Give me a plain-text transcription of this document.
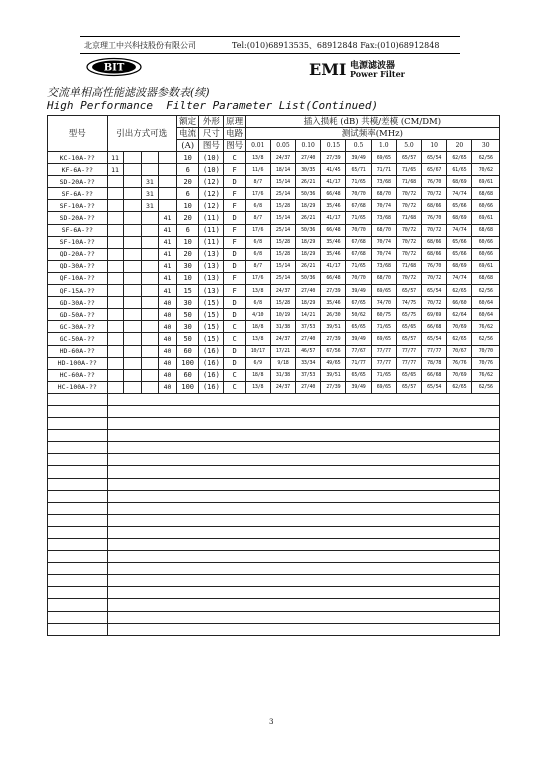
北京理工中兴科技股份有限公司	Tel:(010)68913535、68912848 Fax:(010)68912848
BIT	EMI 电源滤波器
Power Filter
交流单相高性能滤波器参数表(续)
High Performance  Filter Parameter List(Continued)
型号	引出方式可选				额定	外形	原理	插入损耗 (dB) 共模/差模 (CM/DM)									
					电流	尺寸	电路	测试频率(MHz)									
					(A)	图号	图号	0.01	0.05	0.10	0.15	0.5	1.0	5.0	10	20	30
KC-10A-??	11				10	(10)	C	13/8	24/37	27/40	27/39	39/49	69/65	65/57	65/54	62/65	62/56
KF-6A-??	11				6	(10)	F	11/6	18/14	30/35	41/45	65/71	71/71	71/65	65/67	61/65	70/62
SD-20A-??			31		20	(12)	D	8/7	15/14	26/21	41/17	71/65	73/68	71/68	76/70	68/69	69/61
SF-6A-??			31		6	(12)	F	17/6	25/14	50/36	66/48	70/70	68/70	70/72	70/72	74/74	68/68
SF-10A-??			31		10	(12)	F	6/8	15/28	18/29	35/46	67/68	70/74	70/72	68/66	65/66	60/66
SD-20A-??				41	20	(11)	D	8/7	15/14	26/21	41/17	71/65	73/68	71/68	76/70	68/69	69/61
SF-6A-??				41	6	(11)	F	17/6	25/14	50/36	66/48	70/70	68/70	70/72	70/72	74/74	68/68
SF-10A-??				41	10	(11)	F	6/8	15/28	18/29	35/46	67/68	70/74	70/72	68/66	65/66	60/66
QD-20A-??				41	20	(13)	D	6/8	15/28	18/29	35/46	67/68	70/74	70/72	68/66	65/66	60/66
QD-30A-??				41	30	(13)	D	8/7	15/14	26/21	41/17	71/65	73/68	71/68	76/70	68/69	69/61
QF-10A-??				41	10	(13)	F	17/6	25/14	50/36	66/48	70/70	68/70	70/72	70/72	74/74	68/68
QF-15A-??				41	15	(13)	F	13/8	24/37	27/40	27/39	39/49	69/65	65/57	65/54	62/65	62/56
GD-30A-??				40	30	(15)	D	6/8	15/28	18/29	35/46	67/65	74/70	74/75	70/72	66/60	60/64
GD-50A-??				40	50	(15)	D	4/10	10/19	14/21	26/30	50/62	60/75	65/75	69/69	62/64	60/64
GC-30A-??				40	30	(15)	C	18/8	31/38	37/53	39/51	65/65	71/65	65/65	66/68	70/69	76/62
GC-50A-??				40	50	(15)	C	13/8	24/37	27/40	27/39	39/49	69/65	65/57	65/54	62/65	62/56
HD-60A-??				40	60	(16)	D	10/17	17/21	46/57	67/56	77/67	77/77	77/77	77/77	70/67	70/70
HD-100A-??				40	100	(16)	D	6/9	9/18	33/34	49/65	71/77	77/77	77/77	78/78	76/76	70/76
HC-60A-??				40	60	(16)	C	18/8	31/38	37/53	39/51	65/65	71/65	65/65	66/68	70/69	76/62
HC-100A-??				40	100	(16)	C	13/8	24/37	27/40	27/39	39/49	69/65	65/57	65/54	62/65	62/56

3
